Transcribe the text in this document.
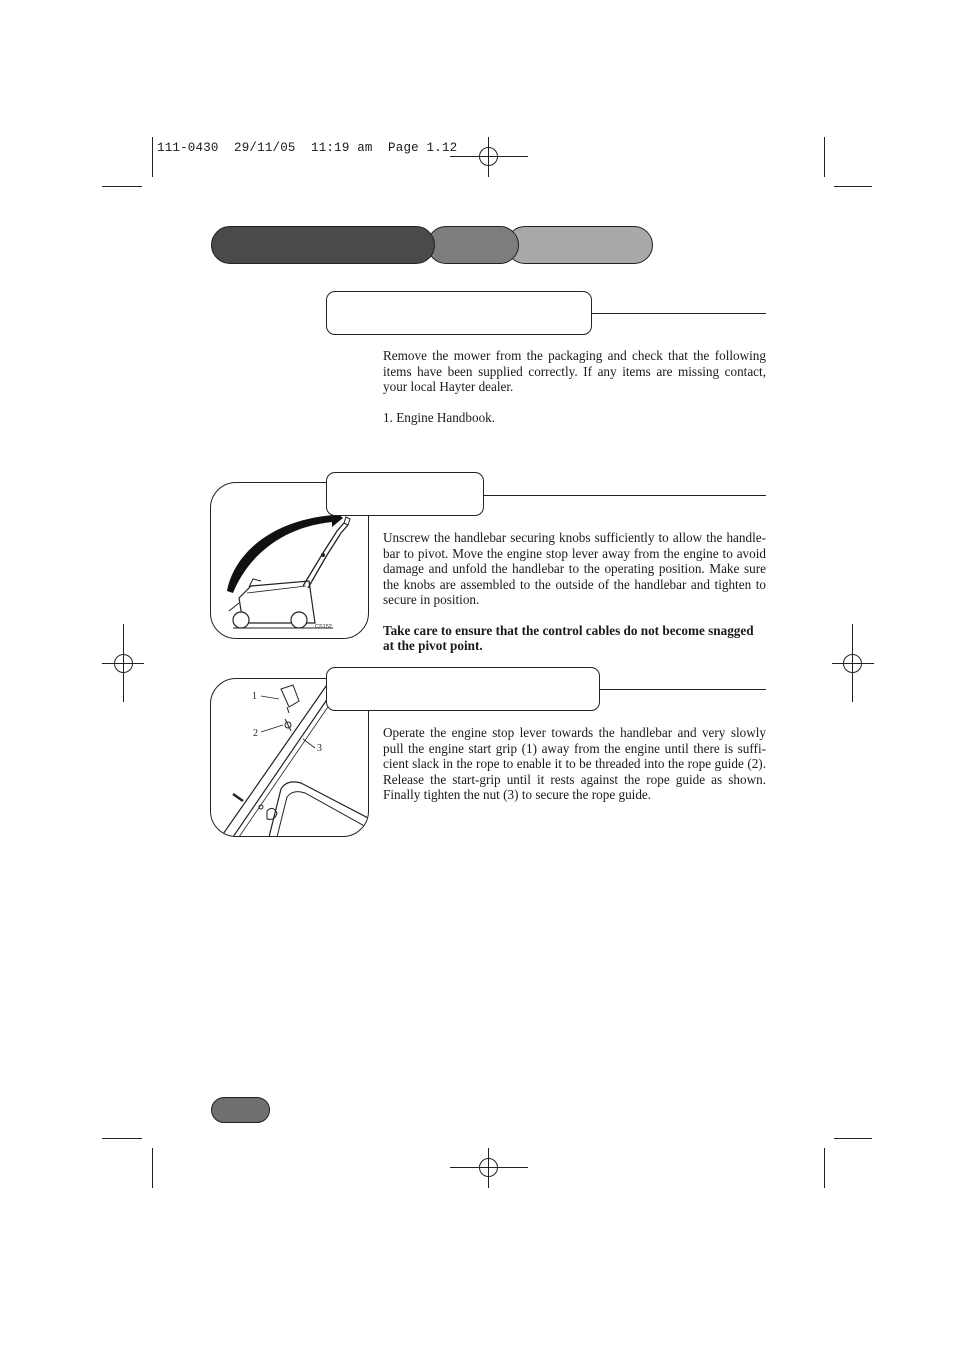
111-0430  29/11/05  11:19 am  Page 1.12

Remove the mower from the packaging and check that the following items have been supplied correctly. If any items are missing contact, your local Hayter dealer.

1. Engine Handbook.

CS152

Unscrew the handlebar securing knobs sufficiently to allow the handle-bar to pivot. Move the engine stop lever away from the engine to avoid damage and unfold the handlebar to the operating position. Make sure the knobs are assembled to the outside of the handlebar and tighten to secure in position.

Take care to ensure that the control cables do not become snagged at the pivot point.

1
2
3

Operate the engine stop lever towards the handlebar and very slowly pull the engine start grip (1) away from the engine until there is suffi-cient slack in the rope to enable it to be threaded into the rope guide (2). Release the start-grip until it rests against the rope guide as shown. Finally tighten the nut (3) to secure the rope guide.
